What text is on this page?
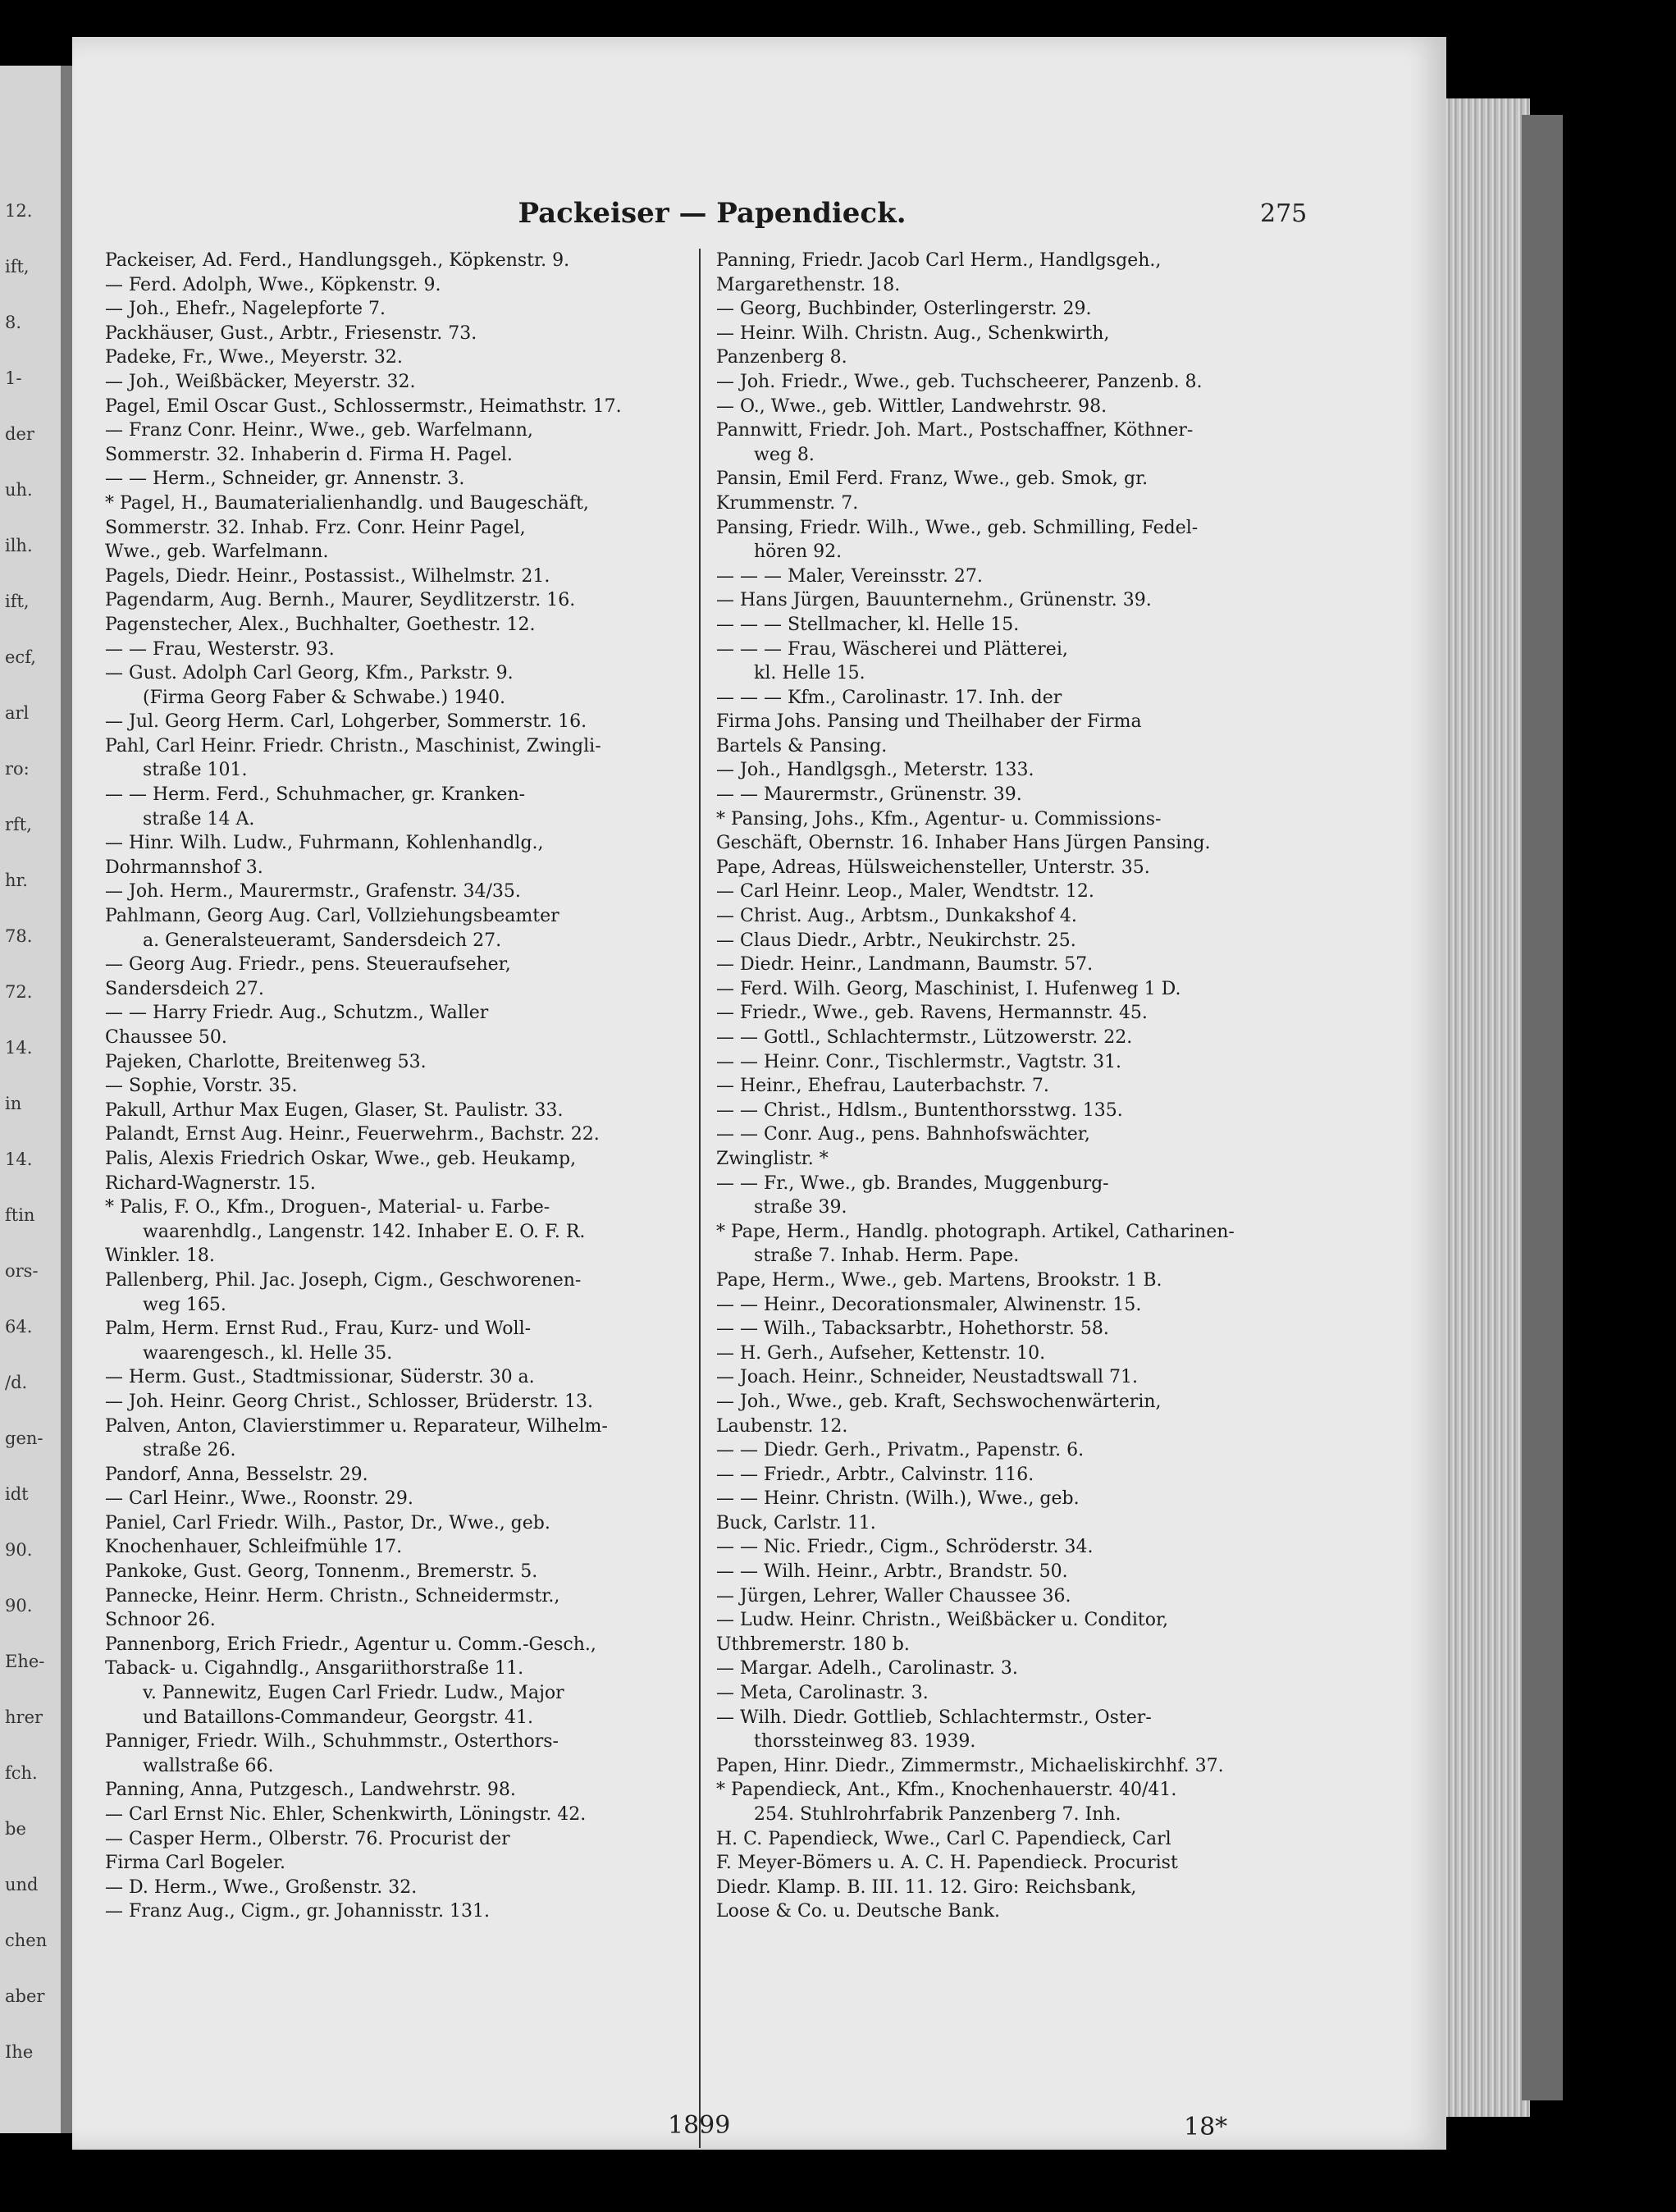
12.
ift,
8.
1-
der
uh.
ilh.
ift,
ecf,
arl
ro:
rft,
hr.
78.
72.
14.
in
14.
ftin
ors-
64.
/d.
gen-
idt
90.
90.
Ehe-
hrer
fch.
be
und
chen
aber
Ihe
Packeiser — Papendieck.	275
Packeiser, Ad. Ferd., Handlungsgeh., Köpkenstr. 9.
— Ferd. Adolph, Wwe., Köpkenstr. 9.
— Joh., Ehefr., Nagelepforte 7.
Packhäuser, Gust., Arbtr., Friesenstr. 73.
Padeke, Fr., Wwe., Meyerstr. 32.
— Joh., Weißbäcker, Meyerstr. 32.
Pagel, Emil Oscar Gust., Schlossermstr., Heimathstr. 17.
— Franz Conr. Heinr., Wwe., geb. Warfelmann,
Sommerstr. 32. Inhaberin d. Firma H. Pagel.
— — Herm., Schneider, gr. Annenstr. 3.
* Pagel, H., Baumaterialienhandlg. und Baugeschäft,
Sommerstr. 32. Inhab. Frz. Conr. Heinr Pagel,
Wwe., geb. Warfelmann.
Pagels, Diedr. Heinr., Postassist., Wilhelmstr. 21.
Pagendarm, Aug. Bernh., Maurer, Seydlitzerstr. 16.
Pagenstecher, Alex., Buchhalter, Goethestr. 12.
— — Frau, Westerstr. 93.
— Gust. Adolph Carl Georg, Kfm., Parkstr. 9.
(Firma Georg Faber & Schwabe.) 1940.
— Jul. Georg Herm. Carl, Lohgerber, Sommerstr. 16.
Pahl, Carl Heinr. Friedr. Christn., Maschinist, Zwingli-
straße 101.
— — Herm. Ferd., Schuhmacher, gr. Kranken-
straße 14 A.
— Hinr. Wilh. Ludw., Fuhrmann, Kohlenhandlg.,
Dohrmannshof 3.
— Joh. Herm., Maurermstr., Grafenstr. 34/35.
Pahlmann, Georg Aug. Carl, Vollziehungsbeamter
a. Generalsteueramt, Sandersdeich 27.
— Georg Aug. Friedr., pens. Steueraufseher,
Sandersdeich 27.
— — Harry Friedr. Aug., Schutzm., Waller
Chaussee 50.
Pajeken, Charlotte, Breitenweg 53.
— Sophie, Vorstr. 35.
Pakull, Arthur Max Eugen, Glaser, St. Paulistr. 33.
Palandt, Ernst Aug. Heinr., Feuerwehrm., Bachstr. 22.
Palis, Alexis Friedrich Oskar, Wwe., geb. Heukamp,
Richard-Wagnerstr. 15.
* Palis, F. O., Kfm., Droguen-, Material- u. Farbe-
waarenhdlg., Langenstr. 142. Inhaber E. O. F. R.
Winkler. 18.
Pallenberg, Phil. Jac. Joseph, Cigm., Geschworenen-
weg 165.
Palm, Herm. Ernst Rud., Frau, Kurz- und Woll-
waarengesch., kl. Helle 35.
— Herm. Gust., Stadtmissionar, Süderstr. 30 a.
— Joh. Heinr. Georg Christ., Schlosser, Brüderstr. 13.
Palven, Anton, Clavierstimmer u. Reparateur, Wilhelm-
straße 26.
Pandorf, Anna, Besselstr. 29.
— Carl Heinr., Wwe., Roonstr. 29.
Paniel, Carl Friedr. Wilh., Pastor, Dr., Wwe., geb.
Knochenhauer, Schleifmühle 17.
Pankoke, Gust. Georg, Tonnenm., Bremerstr. 5.
Pannecke, Heinr. Herm. Christn., Schneidermstr.,
Schnoor 26.
Pannenborg, Erich Friedr., Agentur u. Comm.-Gesch.,
Taback- u. Cigahndlg., Ansgariithorstraße 11.
v. Pannewitz, Eugen Carl Friedr. Ludw., Major
und Bataillons-Commandeur, Georgstr. 41.
Panniger, Friedr. Wilh., Schuhmmstr., Osterthors-
wallstraße 66.
Panning, Anna, Putzgesch., Landwehrstr. 98.
— Carl Ernst Nic. Ehler, Schenkwirth, Löningstr. 42.
— Casper Herm., Olberstr. 76. Procurist der
Firma Carl Bogeler.
— D. Herm., Wwe., Großenstr. 32.
— Franz Aug., Cigm., gr. Johannisstr. 131.
Panning, Friedr. Jacob Carl Herm., Handlgsgeh.,
Margarethenstr. 18.
— Georg, Buchbinder, Osterlingerstr. 29.
— Heinr. Wilh. Christn. Aug., Schenkwirth,
Panzenberg 8.
— Joh. Friedr., Wwe., geb. Tuchscheerer, Panzenb. 8.
— O., Wwe., geb. Wittler, Landwehrstr. 98.
Pannwitt, Friedr. Joh. Mart., Postschaffner, Köthner-
weg 8.
Pansin, Emil Ferd. Franz, Wwe., geb. Smok, gr.
Krummenstr. 7.
Pansing, Friedr. Wilh., Wwe., geb. Schmilling, Fedel-
hören 92.
— — — Maler, Vereinsstr. 27.
— Hans Jürgen, Bauunternehm., Grünenstr. 39.
— — — Stellmacher, kl. Helle 15.
— — — Frau, Wäscherei und Plätterei,
kl. Helle 15.
— — — Kfm., Carolinastr. 17. Inh. der
Firma Johs. Pansing und Theilhaber der Firma
Bartels & Pansing.
— Joh., Handlgsgh., Meterstr. 133.
— — Maurermstr., Grünenstr. 39.
* Pansing, Johs., Kfm., Agentur- u. Commissions-
Geschäft, Obernstr. 16. Inhaber Hans Jürgen Pansing.
Pape, Adreas, Hülsweichensteller, Unterstr. 35.
— Carl Heinr. Leop., Maler, Wendtstr. 12.
— Christ. Aug., Arbtsm., Dunkakshof 4.
— Claus Diedr., Arbtr., Neukirchstr. 25.
— Diedr. Heinr., Landmann, Baumstr. 57.
— Ferd. Wilh. Georg, Maschinist, I. Hufenweg 1 D.
— Friedr., Wwe., geb. Ravens, Hermannstr. 45.
— — Gottl., Schlachtermstr., Lützowerstr. 22.
— — Heinr. Conr., Tischlermstr., Vagtstr. 31.
— Heinr., Ehefrau, Lauterbachstr. 7.
— — Christ., Hdlsm., Buntenthorsstwg. 135.
— — Conr. Aug., pens. Bahnhofswächter,
Zwinglistr. *
— — Fr., Wwe., gb. Brandes, Muggenburg-
straße 39.
* Pape, Herm., Handlg. photograph. Artikel, Catharinen-
straße 7. Inhab. Herm. Pape.
Pape, Herm., Wwe., geb. Martens, Brookstr. 1 B.
— — Heinr., Decorationsmaler, Alwinenstr. 15.
— — Wilh., Tabacksarbtr., Hohethorstr. 58.
— H. Gerh., Aufseher, Kettenstr. 10.
— Joach. Heinr., Schneider, Neustadtswall 71.
— Joh., Wwe., geb. Kraft, Sechswochenwärterin,
Laubenstr. 12.
— — Diedr. Gerh., Privatm., Papenstr. 6.
— — Friedr., Arbtr., Calvinstr. 116.
— — Heinr. Christn. (Wilh.), Wwe., geb.
Buck, Carlstr. 11.
— — Nic. Friedr., Cigm., Schröderstr. 34.
— — Wilh. Heinr., Arbtr., Brandstr. 50.
— Jürgen, Lehrer, Waller Chaussee 36.
— Ludw. Heinr. Christn., Weißbäcker u. Conditor,
Uthbremerstr. 180 b.
— Margar. Adelh., Carolinastr. 3.
— Meta, Carolinastr. 3.
— Wilh. Diedr. Gottlieb, Schlachtermstr., Oster-
thorssteinweg 83. 1939.
Papen, Hinr. Diedr., Zimmermstr., Michaeliskirchhf. 37.
* Papendieck, Ant., Kfm., Knochenhauerstr. 40/41.
254. Stuhlrohrfabrik Panzenberg 7. Inh.
H. C. Papendieck, Wwe., Carl C. Papendieck, Carl
F. Meyer-Bömers u. A. C. H. Papendieck. Procurist
Diedr. Klamp. B. III. 11. 12. Giro: Reichsbank,
Loose & Co. u. Deutsche Bank.
1899	18*
